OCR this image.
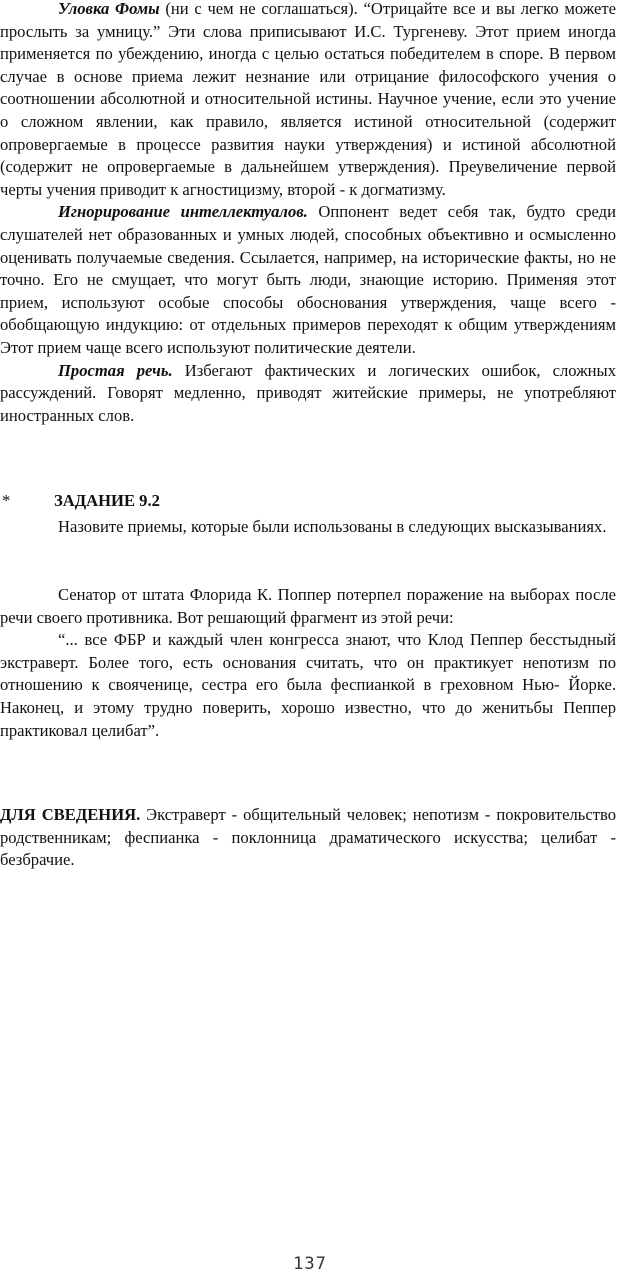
Уловка Фомы (ни с чем не соглашаться). “Отрицайте все и вы легко можете прослыть за умницу.” Эти слова приписывают И.С. Тургеневу. Этот прием иногда применяется по убеждению, иногда с целью остаться победителем в споре. В первом случае в основе приема лежит незнание или отрицание философского учения о соотношении абсолютной и относительной истины. Научное учение, если это учение о сложном явлении, как правило, является истиной относительной (содержит опровергаемые в процессе развития науки утверждения) и истиной абсолютной (содержит не опровергаемые в дальнейшем утверждения). Преувеличение первой черты учения приводит к агностицизму, второй - к догматизму.

Игнорирование интеллектуалов. Оппонент ведет себя так, будто среди слушателей нет образованных и умных людей, способных объективно и осмысленно оценивать получаемые сведения. Ссылается, например, на исторические факты, но не точно. Его не смущает, что могут быть люди, знающие историю. Применяя этот прием, используют особые способы обоснования утверждения, чаще всего - обобщающую индукцию: от отдельных примеров переходят к общим утверждениям Этот прием чаще всего используют политические деятели.

Простая речь. Избегают фактических и логических ошибок, сложных рассуждений. Говорят медленно, приводят житейские примеры, не употребляют иностранных слов.

*	ЗАДАНИЕ 9.2

Назовите приемы, которые были использованы в следующих высказываниях.

Сенатор от штата Флорида К. Поппер потерпел поражение на выборах после речи своего противника. Вот решающий фрагмент из этой речи:

“... все ФБР и каждый член конгресса знают, что Клод Пеппер бесстыдный экстраверт. Более того, есть основания считать, что он практикует непотизм по отношению к свояченице, сестра его была феспианкой в греховном Нью- Йорке. Наконец, и этому трудно поверить, хорошо известно, что до женитьбы Пеппер практиковал целибат”.

ДЛЯ СВЕДЕНИЯ. Экстраверт - общительный человек; непотизм - покровительство родственникам; феспианка - поклонница драматического искусства; целибат - безбрачие.

137
